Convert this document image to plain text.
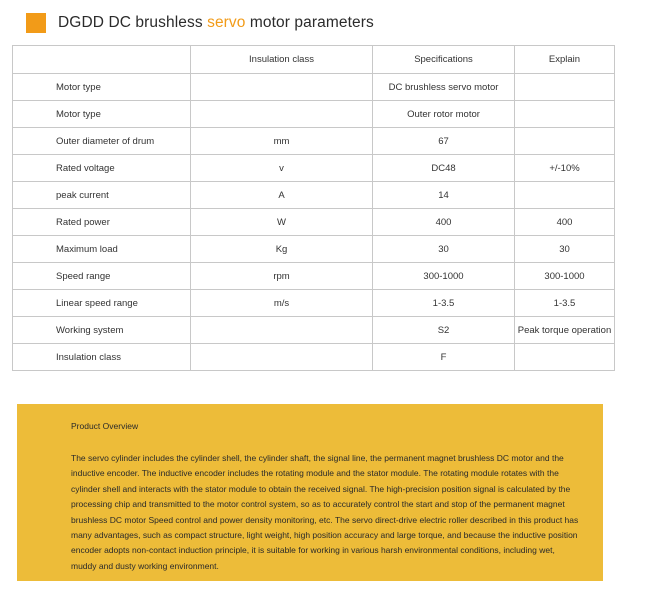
DGDD DC brushless servo motor parameters
	Insulation class	Specifications	Explain
Motor type		DC brushless servo motor	
Motor type		Outer rotor motor	
Outer diameter of drum	mm	67	
Rated voltage	v	DC48	+/-10%
peak current	A	14	
Rated power	W	400	400
Maximum load	Kg	30	30
Speed range	rpm	300-1000	300-1000
Linear speed range	m/s	1-3.5	1-3.5
Working system		S2	Peak torque operation
Insulation class		F	
Product Overview

The servo cylinder includes the cylinder shell, the cylinder shaft, the signal line, the permanent magnet brushless DC motor and the inductive encoder. The inductive encoder includes the rotating module and the stator module. The rotating module rotates with the cylinder shell and interacts with the stator module to obtain the received signal. The high-precision position signal is calculated by the processing chip and transmitted to the motor control system, so as to accurately control the start and stop of the permanent magnet brushless DC motor Speed control and power density monitoring, etc. The servo direct-drive electric roller described in this product has many advantages, such as compact structure, light weight, high position accuracy and large torque, and because the inductive position encoder adopts non-contact induction principle, it is suitable for working in various harsh environmental conditions, including wet, muddy and dusty working environment.
